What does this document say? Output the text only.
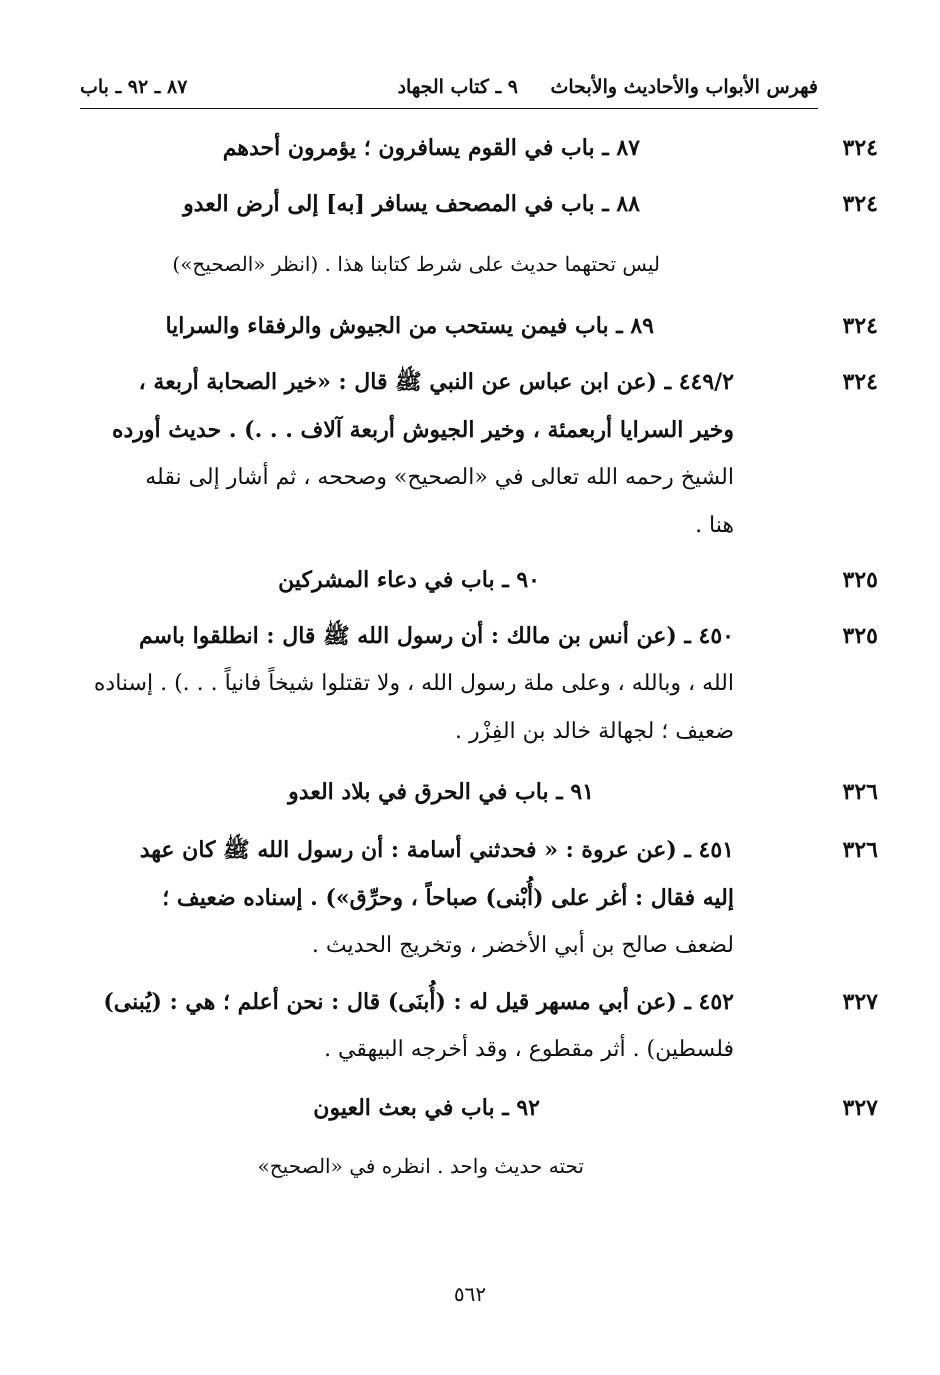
فهرس الأبواب والأحاديث والأبحاث
٩ ـ كتاب الجهاد
٨٧ ـ ٩٢ ـ باب
٣٢٤
٨٧ ـ باب في القوم يسافرون ؛ يؤمرون أحدهم
٣٢٤
٨٨ ـ باب في المصحف يسافر [به] إلى أرض العدو
ليس تحتهما حديث على شرط كتابنا هذا . (انظر «الصحيح»)
٣٢٤
٨٩ ـ باب فيمن يستحب من الجيوش والرفقاء والسرايا
٣٢٤
٤٤٩/٢ ـ (عن ابن عباس عن النبي ﷺ قال : «خير الصحابة أربعة ،
وخير السرايا أربعمئة ، وخير الجيوش أربعة آلاف . . .) . حديث أورده
الشيخ رحمه الله تعالى في «الصحيح» وصححه ، ثم أشار إلى نقله
هنا .
٣٢٥
٩٠ ـ باب في دعاء المشركين
٣٢٥
٤٥٠ ـ (عن أنس بن مالك : أن رسول الله ﷺ قال : انطلقوا باسم
الله ، وبالله ، وعلى ملة رسول الله ، ولا تقتلوا شيخاً فانياً . . .) . إسناده
ضعيف ؛ لجهالة خالد بن الفِزْر .
٣٢٦
٩١ ـ باب في الحرق في بلاد العدو
٣٢٦
٤٥١ ـ (عن عروة : « فحدثني أسامة : أن رسول الله ﷺ كان عهد
إليه فقال : أغر على (أُبْنى) صباحاً ، وحرِّق») . إسناده ضعيف ؛
لضعف صالح بن أبي الأخضر ، وتخريج الحديث .
٣٢٧
٤٥٢ ـ (عن أبي مسهر قيل له : (أُبنَى) قال : نحن أعلم ؛ هي : (يُبنى)
فلسطين) . أثر مقطوع ، وقد أخرجه البيهقي .
٣٢٧
٩٢ ـ باب في بعث العيون
تحته حديث واحد . انظره في «الصحيح»
٥٦٢
